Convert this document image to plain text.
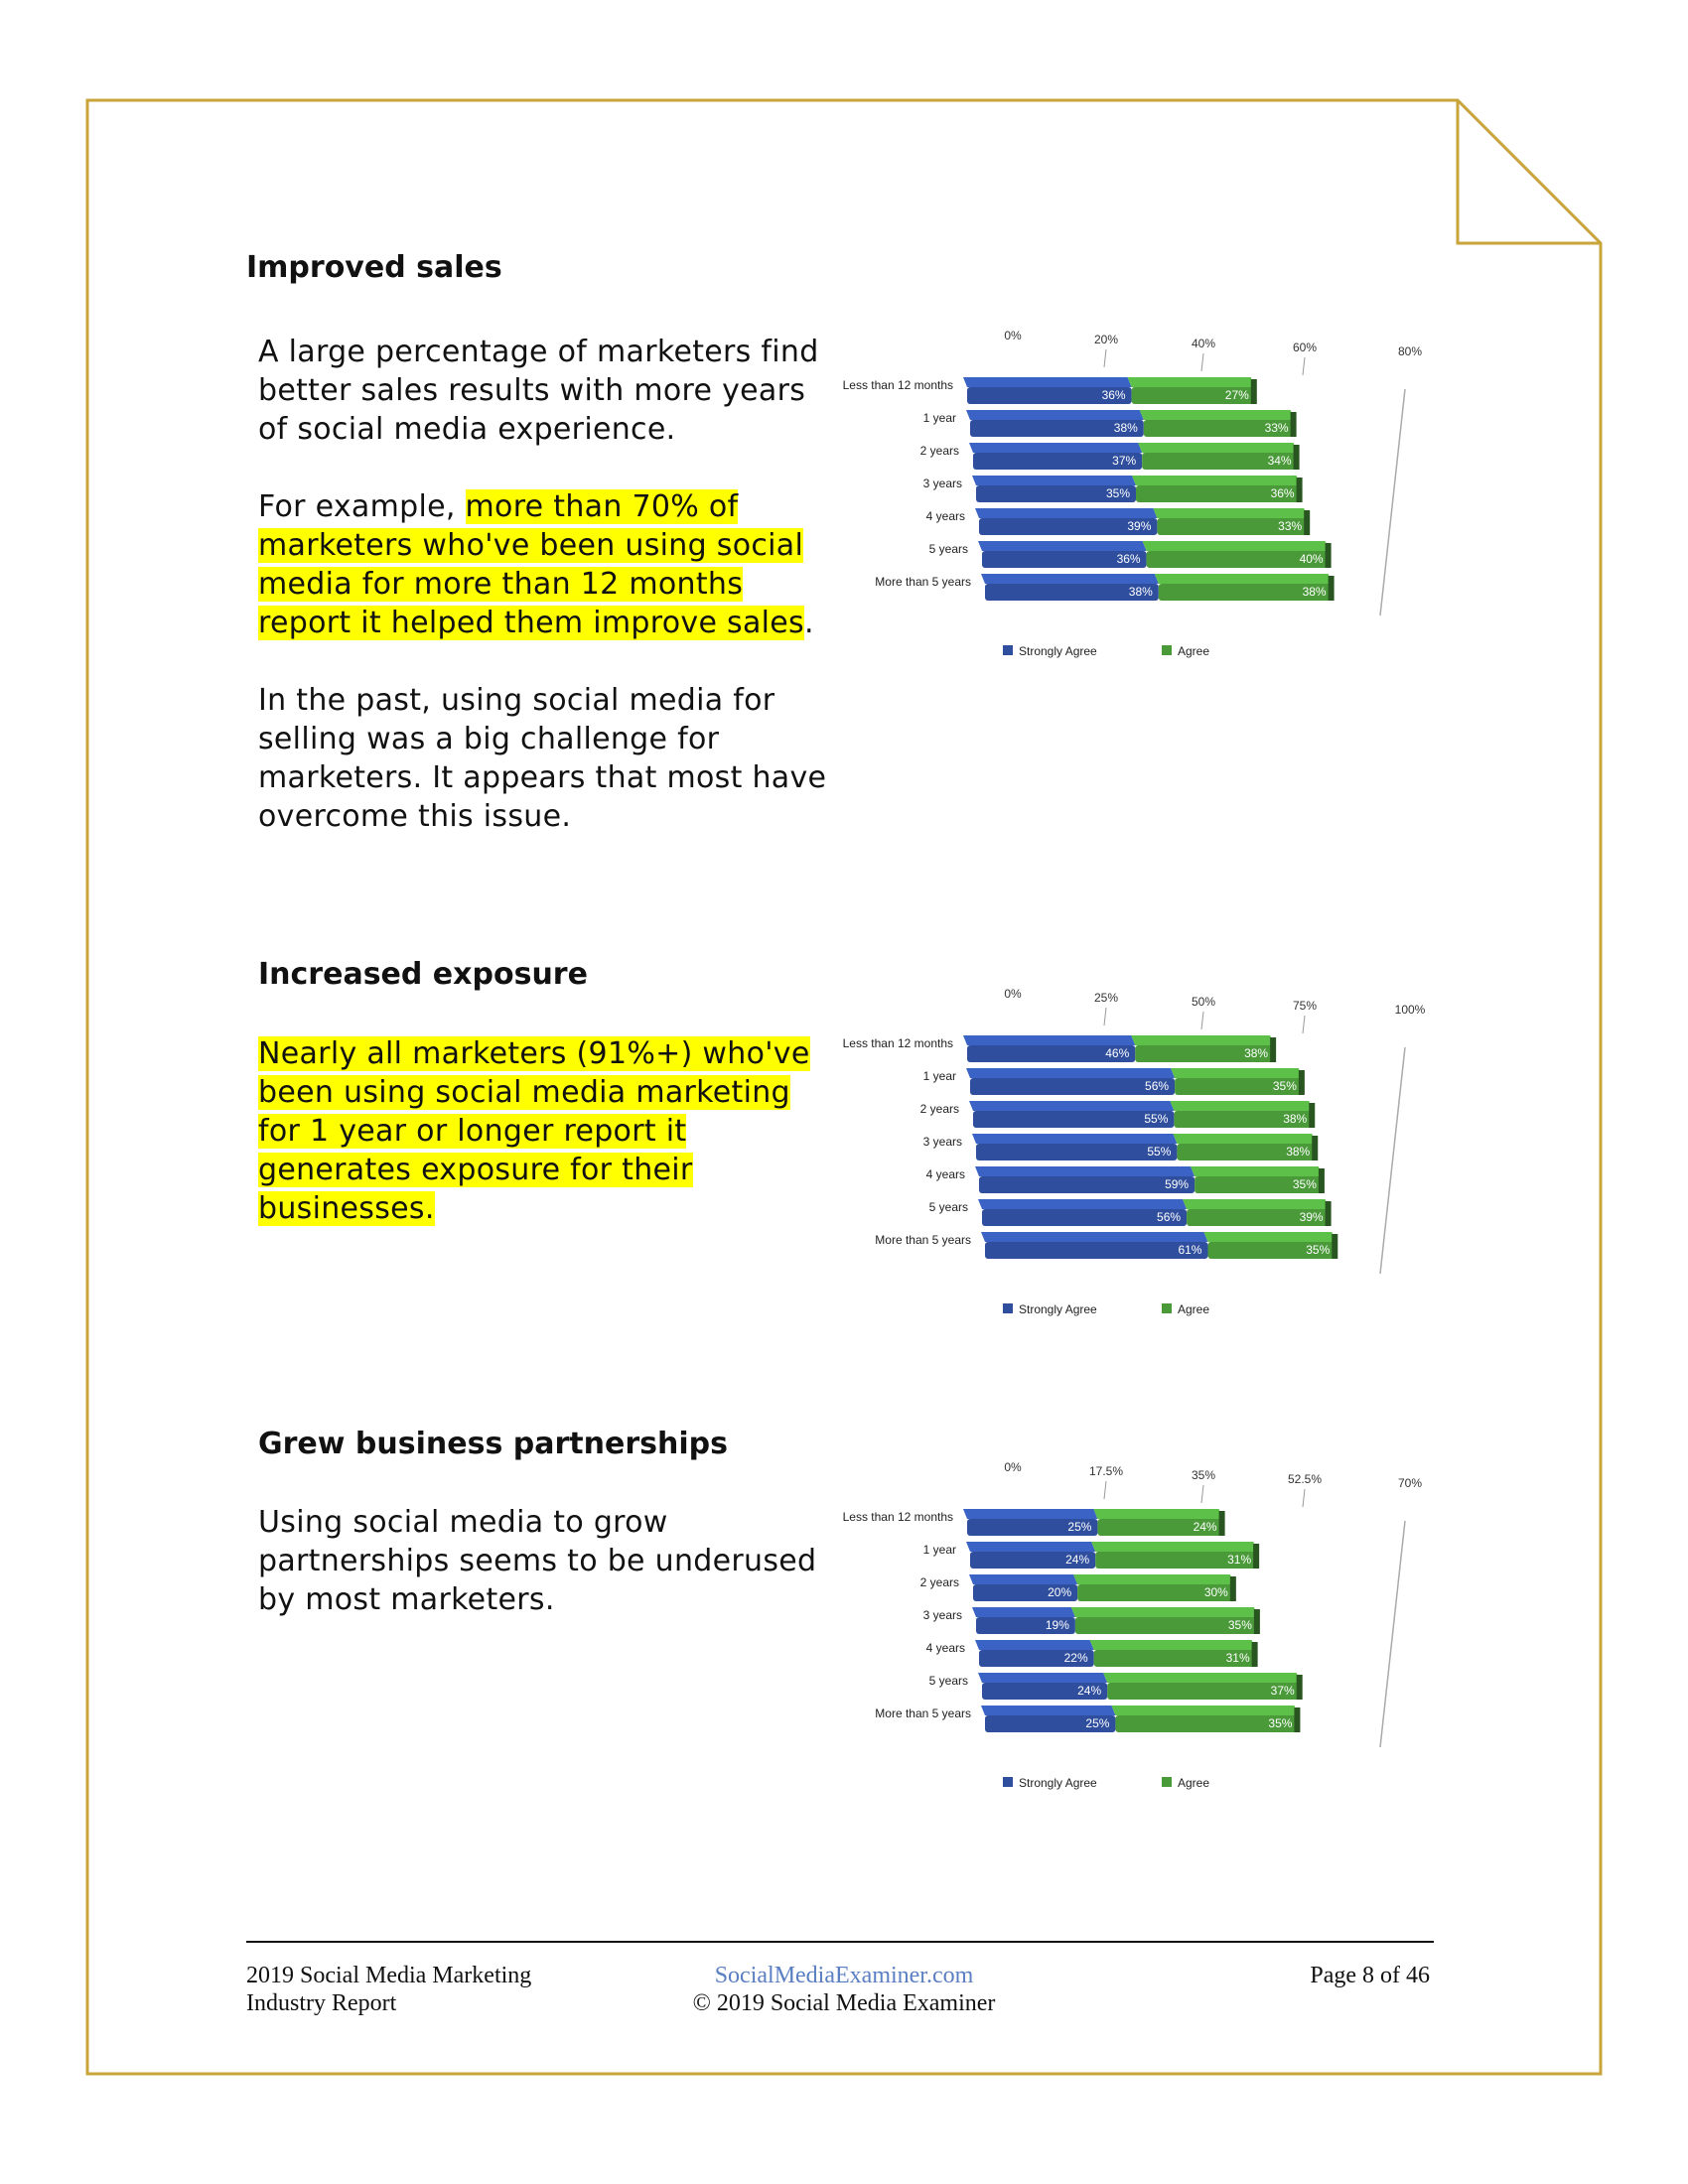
Improved sales

A large percentage of marketers find better sales results with more years of social media experience.

For example, more than 70% of marketers who've been using social media for more than 12 months report it helped them improve sales.

In the past, using social media for selling was a big challenge for marketers. It appears that most have overcome this issue.

0%	20%	40%	60%	80%
Less than 12 months
36%	27%
1 year
38%	33%
2 years
37%	34%
3 years
35%	36%
4 years
39%	33%
5 years
36%	40%
More than 5 years
38%	38%
Strongly Agree	Agree
Increased exposure

Nearly all marketers (91%+) who've been using social media marketing for 1 year or longer report it generates exposure for their businesses.

0%	25%	50%	75%	100%
Less than 12 months
46%	38%
1 year
56%	35%
2 years
55%	38%
3 years
55%	38%
4 years
59%	35%
5 years
56%	39%
More than 5 years
61%	35%
Strongly Agree	Agree
Grew business partnerships

Using social media to grow partnerships seems to be underused by most marketers.

0%	17.5%	35%	52.5%	70%
Less than 12 months
25%	24%
1 year
24%	31%
2 years
20%	30%
3 years
19%	35%
4 years
22%	31%
5 years
24%	37%
More than 5 years
25%	35%
Strongly Agree	Agree
2019 Social Media Marketing
Industry Report
SocialMediaExaminer.com
© 2019 Social Media Examiner
Page 8 of 46
